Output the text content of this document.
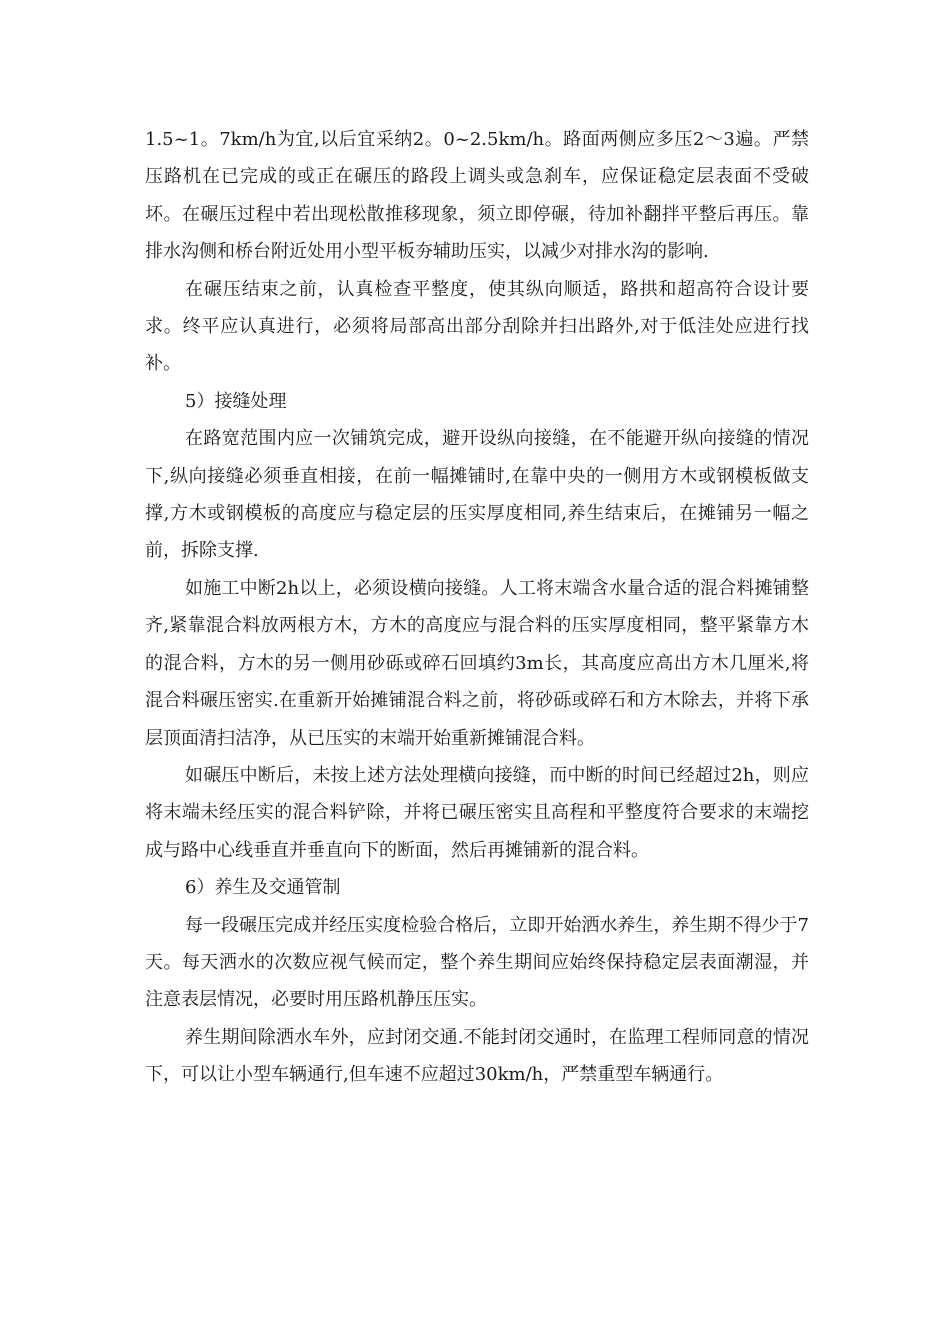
1.5~1。7km/h为宜,以后宜采纳2。0~2.5km/h。路面两侧应多压2～3遍。严禁压路机在已完成的或正在碾压的路段上调头或急刹车，应保证稳定层表面不受破坏。在碾压过程中若出现松散推移现象，须立即停碾，待加补翻拌平整后再压。靠排水沟侧和桥台附近处用小型平板夯辅助压实，以减少对排水沟的影响.

在碾压结束之前，认真检查平整度，使其纵向顺适，路拱和超高符合设计要求。终平应认真进行，必须将局部高出部分刮除并扫出路外,对于低洼处应进行找补。

5）接缝处理

在路宽范围内应一次铺筑完成，避开设纵向接缝，在不能避开纵向接缝的情况下,纵向接缝必须垂直相接，在前一幅摊铺时,在靠中央的一侧用方木或钢模板做支撑,方木或钢模板的高度应与稳定层的压实厚度相同,养生结束后，在摊铺另一幅之前，拆除支撑.

如施工中断2h以上，必须设横向接缝。人工将末端含水量合适的混合料摊铺整齐,紧靠混合料放两根方木，方木的高度应与混合料的压实厚度相同，整平紧靠方木的混合料，方木的另一侧用砂砾或碎石回填约3m长，其高度应高出方木几厘米,将混合料碾压密实.在重新开始摊铺混合料之前，将砂砾或碎石和方木除去，并将下承层顶面清扫洁净，从已压实的末端开始重新摊铺混合料。

如碾压中断后，未按上述方法处理横向接缝，而中断的时间已经超过2h，则应将末端未经压实的混合料铲除，并将已碾压密实且高程和平整度符合要求的末端挖成与路中心线垂直并垂直向下的断面，然后再摊铺新的混合料。

6）养生及交通管制

每一段碾压完成并经压实度检验合格后，立即开始洒水养生，养生期不得少于7天。每天洒水的次数应视气候而定，整个养生期间应始终保持稳定层表面潮湿，并注意表层情况，必要时用压路机静压压实。

养生期间除洒水车外，应封闭交通.不能封闭交通时，在监理工程师同意的情况下，可以让小型车辆通行,但车速不应超过30km/h，严禁重型车辆通行。
